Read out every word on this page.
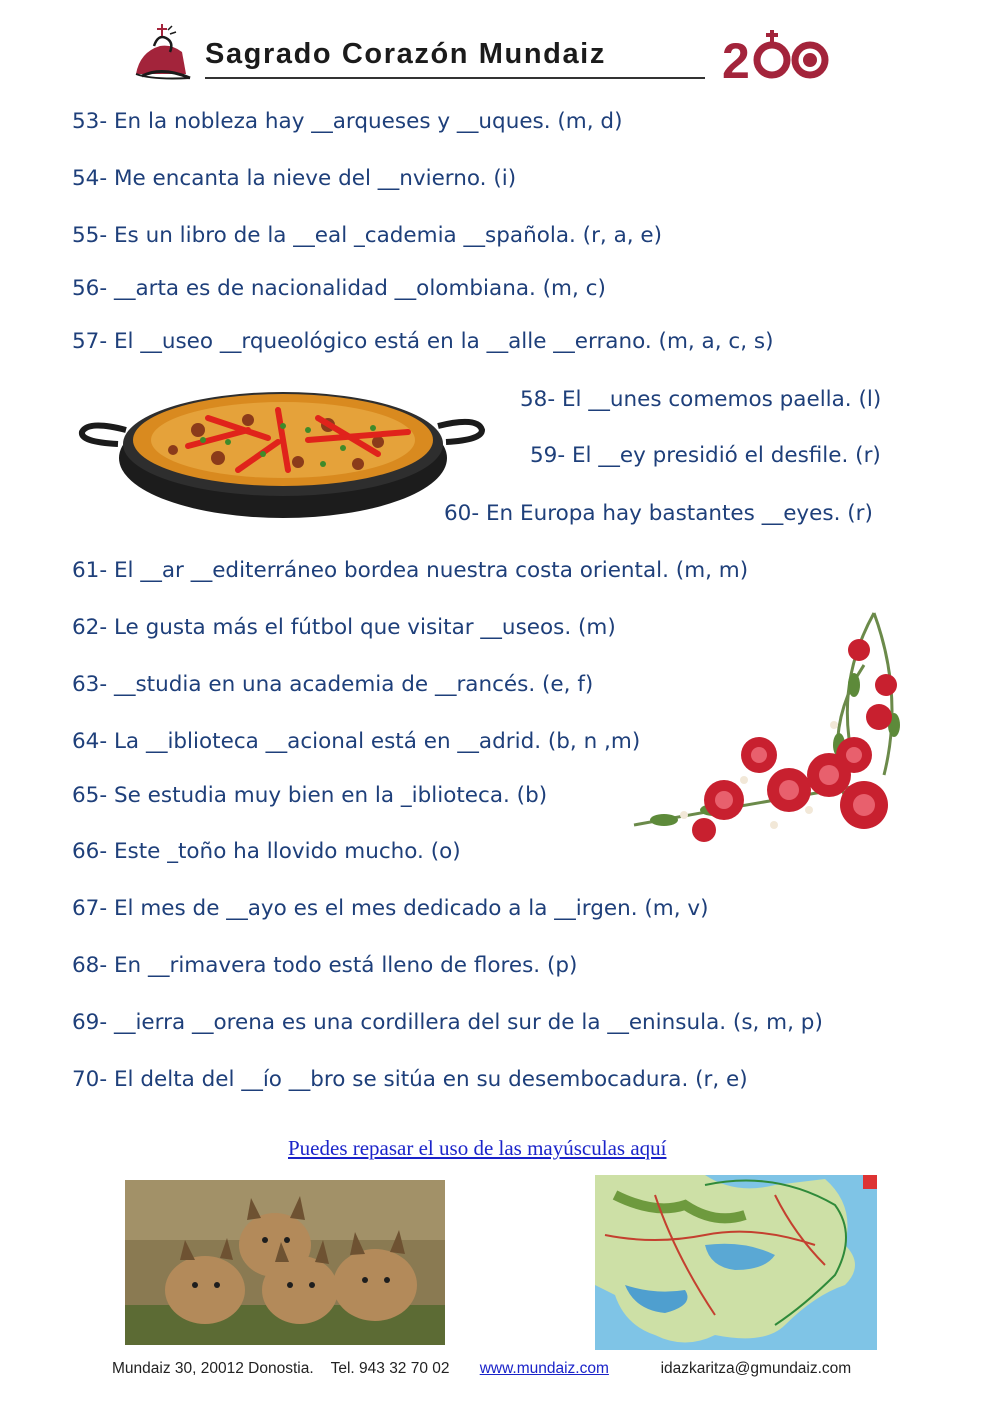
Sagrado Corazón Mundaiz 2
53- En la nobleza hay __arqueses y __uques. (m, d)
54- Me encanta la nieve del __nvierno. (i)
55- Es un libro de la __eal _cademia __spañola. (r, a, e)
56- __arta es de nacionalidad __olombiana. (m, c)
57- El __useo __rqueológico está en la __alle __errano. (m, a, c, s)
58- El __unes comemos paella. (l)
59- El __ey presidió el desfile. (r)
60- En Europa hay bastantes __eyes. (r)
61- El __ar __editerráneo bordea nuestra costa oriental. (m, m)
62- Le gusta más el fútbol que visitar __useos. (m)
63- __studia en una academia de __rancés. (e, f)
64- La __iblioteca __acional está en __adrid. (b, n ,m)
65- Se estudia muy bien en la _iblioteca. (b)
66- Este _toño ha llovido mucho. (o)
67- El mes de __ayo es el mes dedicado a la __irgen. (m, v)
68- En __rimavera todo está lleno de flores. (p)
69- __ierra __orena es una cordillera del sur de la __eninsula. (s, m, p)
70- El delta del __ío __bro se sitúa en su desembocadura. (r, e)
Puedes repasar el uso de las mayúsculas aquí
Mundaiz 30, 20012 Donostia. Tel. 943 32 70 02 www.mundaiz.com	idazkaritza@gmundaiz.com
